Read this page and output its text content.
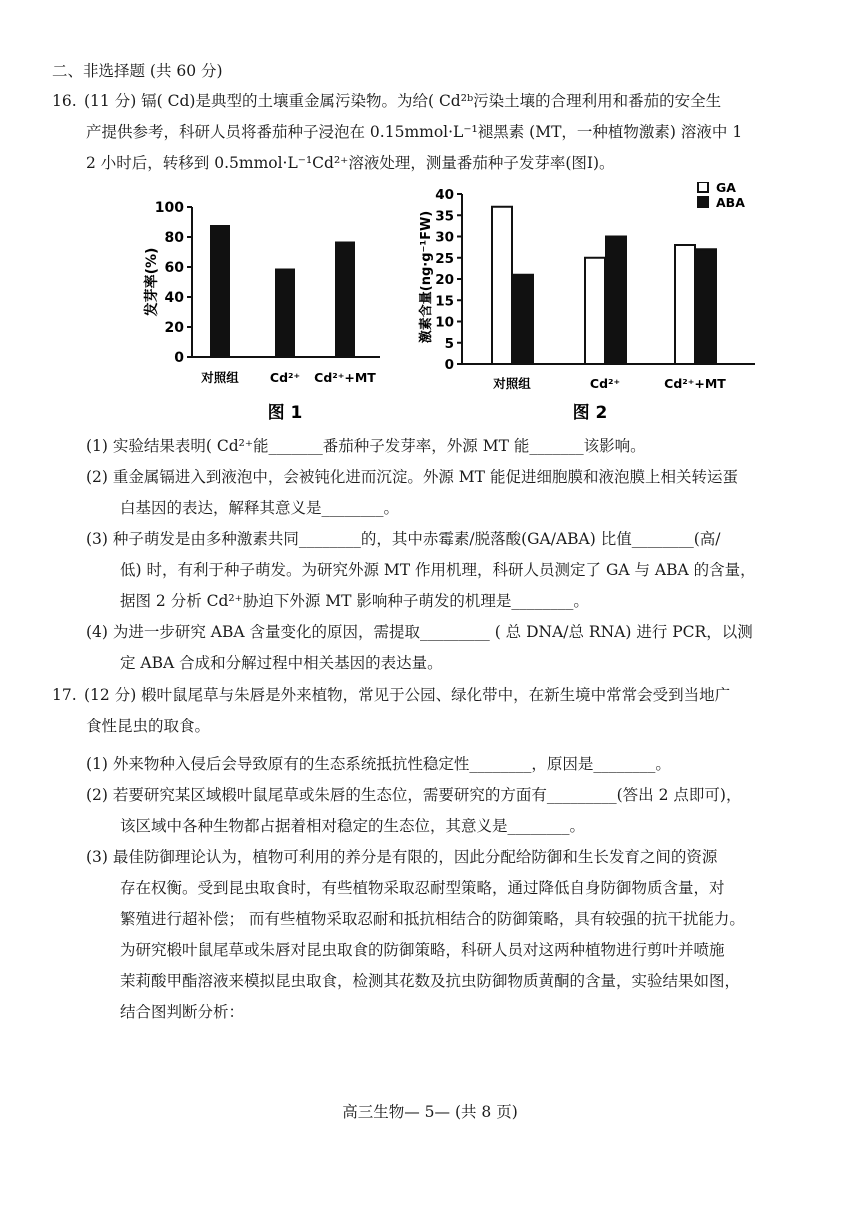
二、非选择题 (共 60 分)
16. (11 分) 镉( Cd)是典型的土壤重金属污染物。为给( Cd²ᵇ污染土壤的合理利用和番茄的安全生
产提供参考，科研人员将番茄种子浸泡在 0.15mmol·L⁻¹褪黑素 (MT，一种植物激素) 溶液中 1
2 小时后，转移到 0.5mmol·L⁻¹Cd²⁺溶液处理，测量番茄种子发芽率(图Ⅰ)。
0
20
40
60
80
100
对照组 Cd²⁺ Cd²⁺+MT
发芽率(%)
图 1
0
5
10
15
20
25
30
35
40
对照组	Cd²⁺	Cd²⁺+MT
GA
ABA
激素含量(ng·g⁻¹FW)
图 2
(1) 实验结果表明( Cd²⁺能_______番茄种子发芽率，外源 MT 能_______该影响。
(2) 重金属镉进入到液泡中，会被钝化进而沉淀。外源 MT 能促进细胞膜和液泡膜上相关转运蛋
白基因的表达，解释其意义是________。
(3) 种子萌发是由多种激素共同________的，其中赤霉素/脱落酸(GA/ABA) 比值________(高/
低) 时，有利于种子萌发。为研究外源 MT 作用机理，科研人员测定了 GA 与 ABA 的含量，
据图 2 分析 Cd²⁺胁迫下外源 MT 影响种子萌发的机理是________。
(4) 为进一步研究 ABA 含量变化的原因，需提取_________ ( 总 DNA/总 RNA) 进行 PCR，以测
定 ABA 合成和分解过程中相关基因的表达量。
17. (12 分) 椴叶鼠尾草与朱唇是外来植物，常见于公园、绿化带中，在新生境中常常会受到当地广
食性昆虫的取食。
(1) 外来物种入侵后会导致原有的生态系统抵抗性稳定性________，原因是________。
(2) 若要研究某区域椴叶鼠尾草或朱唇的生态位，需要研究的方面有_________(答出 2 点即可)，
该区域中各种生物都占据着相对稳定的生态位，其意义是________。
(3) 最佳防御理论认为，植物可利用的养分是有限的，因此分配给防御和生长发育之间的资源
存在权衡。受到昆虫取食时，有些植物采取忍耐型策略，通过降低自身防御物质含量，对
繁殖进行超补偿； 而有些植物采取忍耐和抵抗相结合的防御策略，具有较强的抗干扰能力。
为研究椴叶鼠尾草或朱唇对昆虫取食的防御策略，科研人员对这两种植物进行剪叶并喷施
茉莉酸甲酯溶液来模拟昆虫取食，检测其花数及抗虫防御物质黄酮的含量，实验结果如图，
结合图判断分析：
高三生物— 5— (共 8 页)
